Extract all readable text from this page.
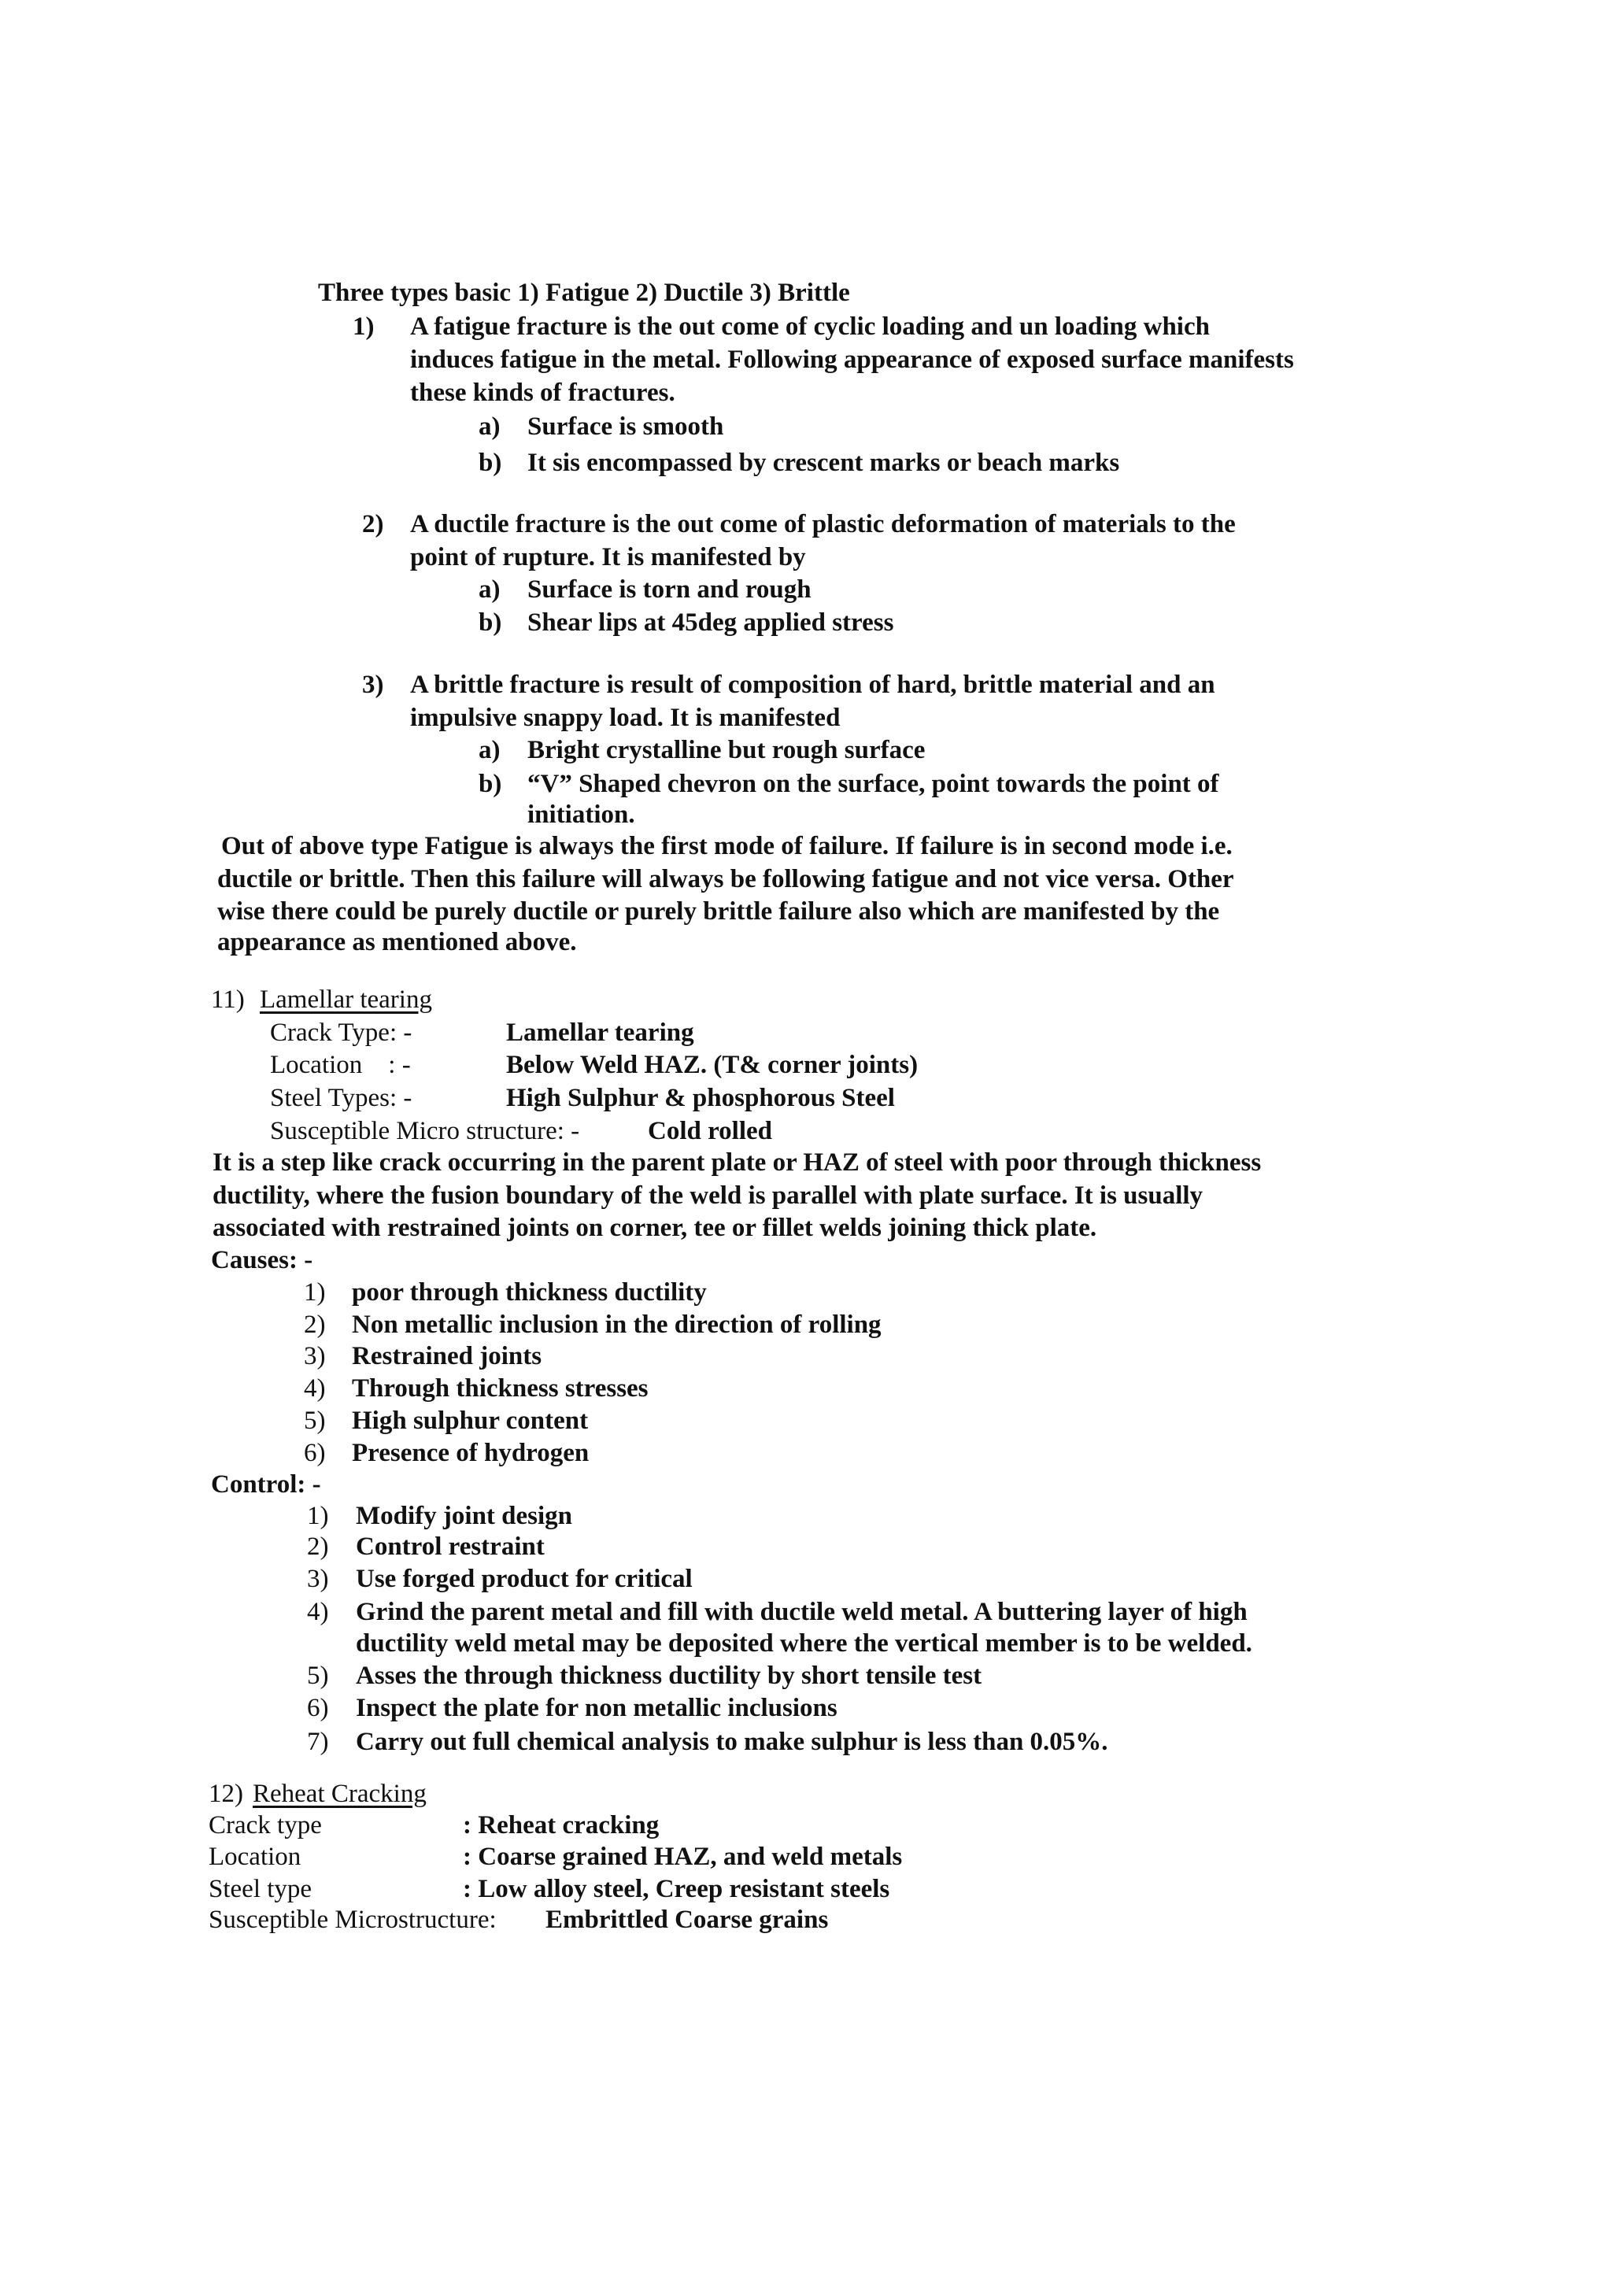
Three types basic 1) Fatigue 2) Ductile 3) Brittle
1) A fatigue fracture is the out come of cyclic loading and un loading which
induces fatigue in the metal. Following appearance of exposed surface manifests
these kinds of fractures.
a) Surface is smooth
b) It sis encompassed by crescent marks or beach marks
2) A ductile fracture is the out come of plastic deformation of materials to the
point of rupture. It is manifested by
a) Surface is torn and rough
b) Shear lips at 45deg applied stress
3) A brittle fracture is result of composition of hard, brittle material and an
impulsive snappy load. It is manifested
a) Bright crystalline but rough surface
b) “V” Shaped chevron on the surface, point towards the point of
initiation.
Out of above type Fatigue is always the first mode of failure. If failure is in second mode i.e.
ductile or brittle. Then this failure will always be following fatigue and not vice versa. Other
wise there could be purely ductile or purely brittle failure also which are manifested by the
appearance as mentioned above.
11) Lamellar tearing
Crack Type: -	Lamellar tearing
Location    : -	Below Weld HAZ. (T& corner joints)
Steel Types: -	High Sulphur & phosphorous Steel
Susceptible Micro structure: -	Cold rolled
It is a step like crack occurring in the parent plate or HAZ of steel with poor through thickness
ductility, where the fusion boundary of the weld is parallel with plate surface. It is usually
associated with restrained joints on corner, tee or fillet welds joining thick plate.
Causes: -
1) poor through thickness ductility
2) Non metallic inclusion in the direction of rolling
3) Restrained joints
4) Through thickness stresses
5) High sulphur content
6) Presence of hydrogen
Control: -
1) Modify joint design
2) Control restraint
3) Use forged product for critical
4) Grind the parent metal and fill with ductile weld metal. A buttering layer of high
ductility weld metal may be deposited where the vertical member is to be welded.
5) Asses the through thickness ductility by short tensile test
6) Inspect the plate for non metallic inclusions
7) Carry out full chemical analysis to make sulphur is less than 0.05%.
12) Reheat Cracking
Crack type	: Reheat cracking
Location	: Coarse grained HAZ, and weld metals
Steel type	: Low alloy steel, Creep resistant steels
Susceptible Microstructure: Embrittled Coarse grains
